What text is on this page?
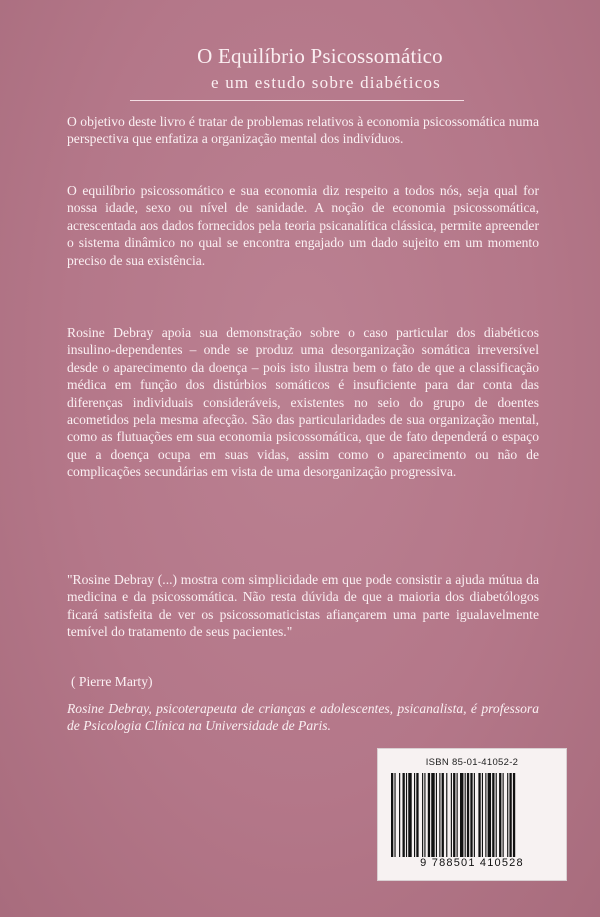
O Equilíbrio Psicossomático
e um estudo sobre diabéticos
O objetivo deste livro é tratar de problemas relativos à economia psicossomática numa perspectiva que enfatiza a organização mental dos indivíduos.
O equilíbrio psicossomático e sua economia diz respeito a todos nós, seja qual for nossa idade, sexo ou nível de sanidade. A noção de economia psicossomática, acrescentada aos dados fornecidos pela teoria psicanalítica clássica, permite apreender o sistema dinâmico no qual se encontra engajado um dado sujeito em um momento preciso de sua existência.
Rosine Debray apoia sua demonstração sobre o caso particular dos diabéticos insulino-dependentes – onde se produz uma desorganização somática irreversível desde o aparecimento da doença – pois isto ilustra bem o fato de que a classificação médica em função dos distúrbios somáticos é insuficiente para dar conta das diferenças individuais consideráveis, existentes no seio do grupo de doentes acometidos pela mesma afecção. São das particularidades de sua organização mental, como as flutuações em sua economia psicossomática, que de fato dependerá o espaço que a doença ocupa em suas vidas, assim como o aparecimento ou não de complicações secundárias em vista de uma desorganização progressiva.
"Rosine Debray (...) mostra com simplicidade em que pode consistir a ajuda mútua da medicina e da psicossomática. Não resta dúvida de que a maioria dos diabetólogos ficará satisfeita de ver os psicossomaticistas afiançarem uma parte igualavelmente temível do tratamento de seus pacientes."
( Pierre Marty)
Rosine Debray, psicoterapeuta de crianças e adolescentes, psicanalista, é professora de Psicologia Clínica na Universidade de Paris.
ISBN 85-01-41052-2
9 788501 410528
